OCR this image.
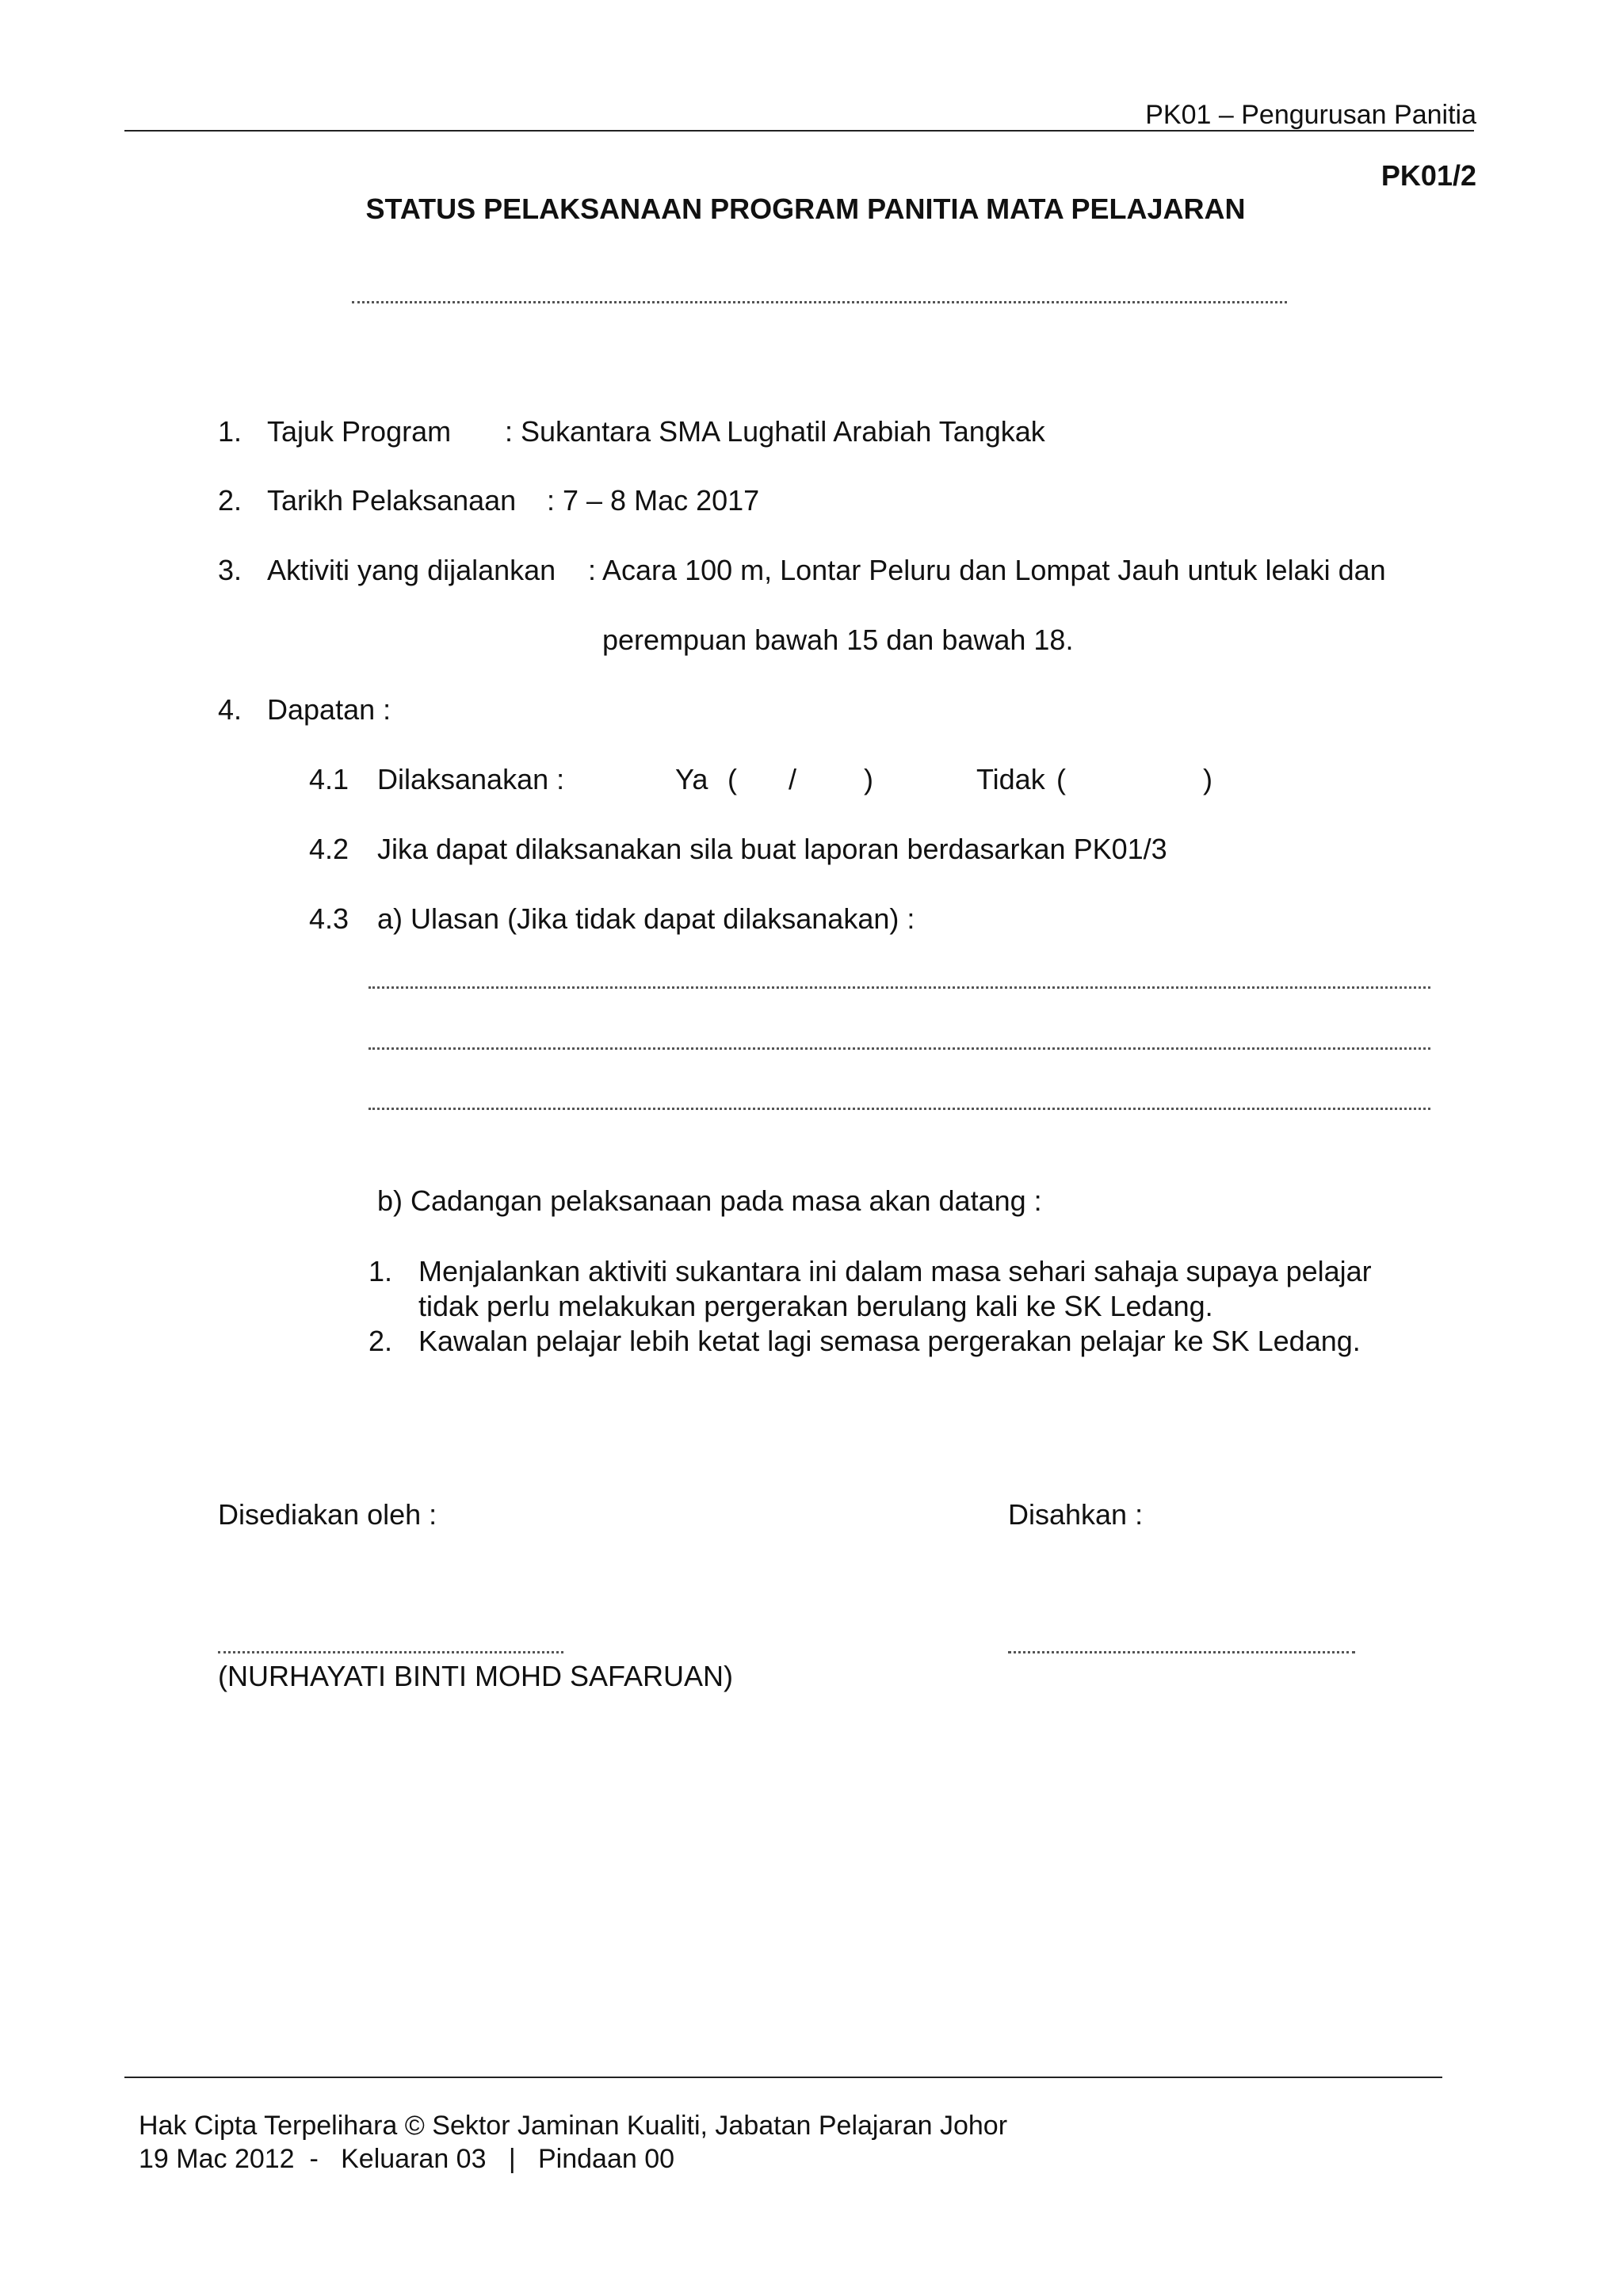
PK01 – Pengurusan Panitia
PK01/2
STATUS PELAKSANAAN PROGRAM PANITIA MATA PELAJARAN
1. Tajuk Program : Sukantara SMA Lughatil Arabiah Tangkak
2. Tarikh Pelaksanaan : 7 – 8 Mac 2017
3. Aktiviti yang dijalankan : Acara 100 m, Lontar Peluru dan Lompat Jauh untuk lelaki dan
perempuan bawah 15 dan bawah 18.
4. Dapatan :
4.1 Dilaksanakan :	Ya ( / )	Tidak (	)
4.2 Jika dapat dilaksanakan sila buat laporan berdasarkan PK01/3
4.3 a) Ulasan (Jika tidak dapat dilaksanakan) :
b) Cadangan pelaksanaan pada masa akan datang :
1. Menjalankan aktiviti sukantara ini dalam masa sehari sahaja supaya pelajar
tidak perlu melakukan pergerakan berulang kali ke SK Ledang.
2. Kawalan pelajar lebih ketat lagi semasa pergerakan pelajar ke SK Ledang.
Disediakan oleh :	Disahkan :
(NURHAYATI BINTI MOHD SAFARUAN)
Hak Cipta Terpelihara © Sektor Jaminan Kualiti, Jabatan Pelajaran Johor
19 Mac 2012  -   Keluaran 03   |   Pindaan 00
